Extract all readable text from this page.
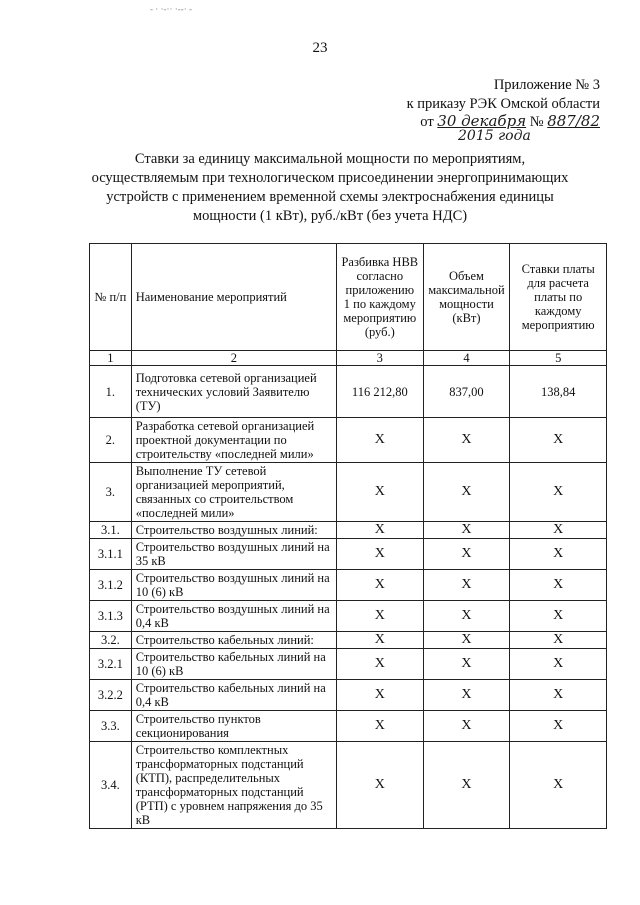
- · ·-·· ·--· -
23
Приложение № 3
к приказу РЭК Омской области
от 30 декабря № 887/82
2015 года
Ставки за единицу максимальной мощности по мероприятиям, осуществляемым при технологическом присоединении энергопринимающих устройств с применением временной схемы электроснабжения единицы мощности (1 кВт), руб./кВт (без учета НДС)
№ п/п	Наименование мероприятий	Разбивка НВВ согласно приложению 1 по каждому мероприятию (руб.)	Объем максимальной мощности (кВт)	Ставки платы для расчета платы по каждому мероприятию
1	2	3	4	5
1.	Подготовка сетевой организацией технических условий Заявителю (ТУ)	116 212,80	837,00	138,84
2.	Разработка сетевой организацией проектной документации по строительству «последней мили»	Х	Х	Х
3.	Выполнение ТУ сетевой организацией мероприятий, связанных со строительством «последней мили»	Х	Х	Х
3.1.	Строительство воздушных линий:	Х	Х	Х
3.1.1	Строительство воздушных линий на 35 кВ	Х	Х	Х
3.1.2	Строительство воздушных линий на 10 (6) кВ	Х	Х	Х
3.1.3	Строительство воздушных линий на 0,4 кВ	Х	Х	Х
3.2.	Строительство кабельных линий:	Х	Х	Х
3.2.1	Строительство кабельных линий на 10 (6) кВ	Х	Х	Х
3.2.2	Строительство кабельных линий на 0,4 кВ	Х	Х	Х
3.3.	Строительство пунктов секционирования	Х	Х	Х
3.4.	Строительство комплектных трансформаторных подстанций (КТП), распределительных трансформаторных подстанций (РТП) с уровнем напряжения до 35 кВ	Х	Х	Х
